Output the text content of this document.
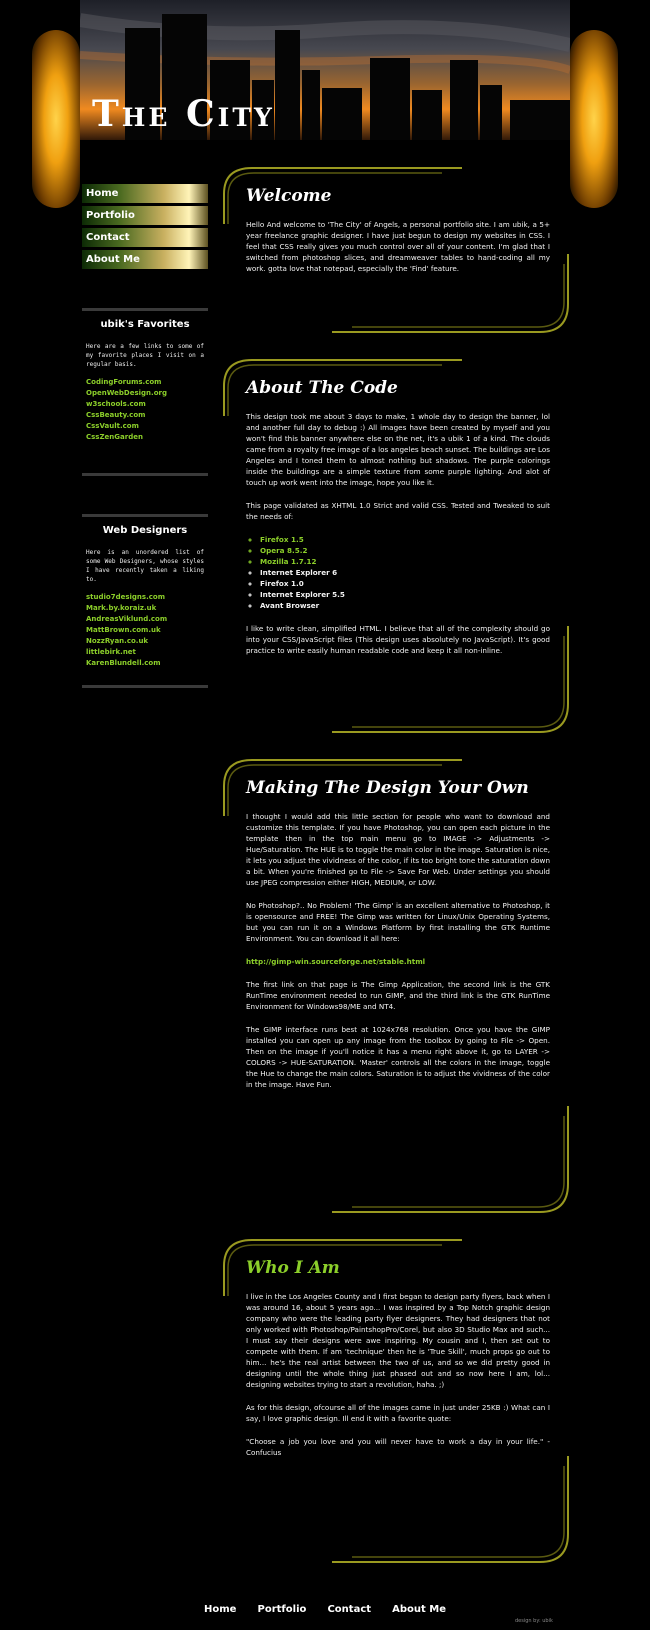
The City
Home
Portfolio
Contact
About Me
ubik's Favorites

Here are a few links to some of my favorite places I visit on a regular basis.

CodingForums.com
OpenWebDesign.org
w3schools.com
CssBeauty.com
CssVault.com
CssZenGarden
Web Designers

Here is an unordered list of some Web Designers, whose styles I have recently taken a liking to.

studio7designs.com
Mark.by.koraiz.uk
AndreasViklund.com
MattBrown.com.uk
NozzRyan.co.uk
littlebirk.net
KarenBlundell.com
Welcome

Hello And welcome to 'The City' of Angels, a personal portfolio site. I am ubik, a 5+ year freelance graphic designer. I have just begun to design my websites in CSS. I feel that CSS really gives you much control over all of your content. I'm glad that I switched from photoshop slices, and dreamweaver tables to hand-coding all my work. gotta love that notepad, especially the 'Find' feature.

About The Code

This design took me about 3 days to make, 1 whole day to design the banner, lol and another full day to debug :) All images have been created by myself and you won't find this banner anywhere else on the net, it's a ubik 1 of a kind. The clouds came from a royalty free image of a los angeles beach sunset. The buildings are Los Angeles and I toned them to almost nothing but shadows. The purple colorings inside the buildings are a simple texture from some purple lighting. And alot of touch up work went into the image, hope you like it.

This page validated as XHTML 1.0 Strict and valid CSS. Tested and Tweaked to suit the needs of:

◦ Firefox 1.5
◦ Opera 8.5.2
◦ Mozilla 1.7.12
◦ Internet Explorer 6
◦ Firefox 1.0
◦ Internet Explorer 5.5
◦ Avant Browser

I like to write clean, simplified HTML. I believe that all of the complexity should go into your CSS/JavaScript files (This design uses absolutely no JavaScript). It's good practice to write easily human readable code and keep it all non-inline.

Making The Design Your Own

I thought I would add this little section for people who want to download and customize this template. If you have Photoshop, you can open each picture in the template then in the top main menu go to IMAGE -> Adjustments -> Hue/Saturation. The HUE is to toggle the main color in the image. Saturation is nice, it lets you adjust the vividness of the color, if its too bright tone the saturation down a bit. When you're finished go to File -> Save For Web. Under settings you should use JPEG compression either HIGH, MEDIUM, or LOW.

No Photoshop?.. No Problem! 'The Gimp' is an excellent alternative to Photoshop, it is opensource and FREE! The Gimp was written for Linux/Unix Operating Systems, but you can run it on a Windows Platform by first installing the GTK Runtime Environment. You can download it all here:

http://gimp-win.sourceforge.net/stable.html

The first link on that page is The Gimp Application, the second link is the GTK RunTime environment needed to run GIMP, and the third link is the GTK RunTime Environment for Windows98/ME and NT4.

The GIMP interface runs best at 1024x768 resolution. Once you have the GIMP installed you can open up any image from the toolbox by going to File -> Open. Then on the image if you'll notice it has a menu right above it, go to LAYER -> COLORS -> HUE-SATURATION. 'Master' controls all the colors in the image, toggle the Hue to change the main colors. Saturation is to adjust the vividness of the color in the image. Have Fun.

Who I Am

I live in the Los Angeles County and I first began to design party flyers, back when I was around 16, about 5 years ago... I was inspired by a Top Notch graphic design company who were the leading party flyer designers. They had designers that not only worked with Photoshop/PaintshopPro/Corel, but also 3D Studio Max and such... I must say their designs were awe inspiring. My cousin and I, then set out to compete with them. If am 'technique' then he is 'True Skill', much props go out to him... he's the real artist between the two of us, and so we did pretty good in designing until the whole thing just phased out and so now here I am, lol... designing websites trying to start a revolution, haha. ;)

As for this design, ofcourse all of the images came in just under 25KB :) What can I say, I love graphic design. Ill end it with a favorite quote:

"Choose a job you love and you will never have to work a day in your life." -Confucius

Home Portfolio Contact About Me
design by: ubik
